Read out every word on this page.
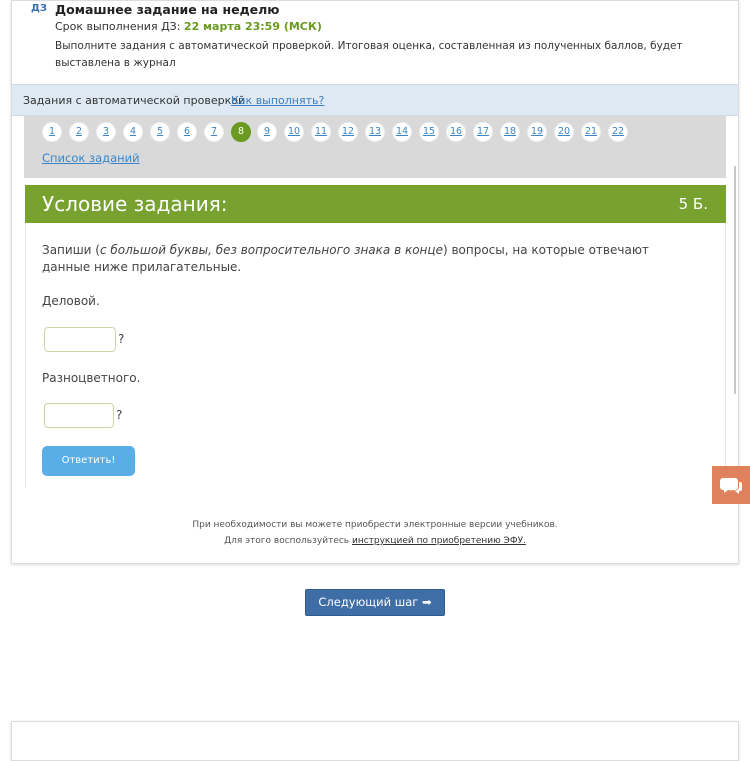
ДЗ Домашнее задание на неделю
Срок выполнения ДЗ: 22 марта 23:59 (МСК)
Выполните задания с автоматической проверкой. Итоговая оценка, составленная из полученных баллов, будет выставлена в журнал
Задания с автоматической проверкой
Как выполнять?
1	2	3	4	5	6	7	8	9	10	11	12	13	14	15	16	17	18	19	20	21	22
Список заданий
Условие задания:	5 Б.
Запиши (с большой буквы, без вопросительного знака в конце) вопросы, на которые отвечают данные ниже прилагательные.
Деловой.
?
Разноцветного.
?
Ответить!
При необходимости вы можете приобрести электронные версии учебников.
Для этого воспользуйтесь инструкцией по приобретению ЭФУ.
Следующий шаг ➡
